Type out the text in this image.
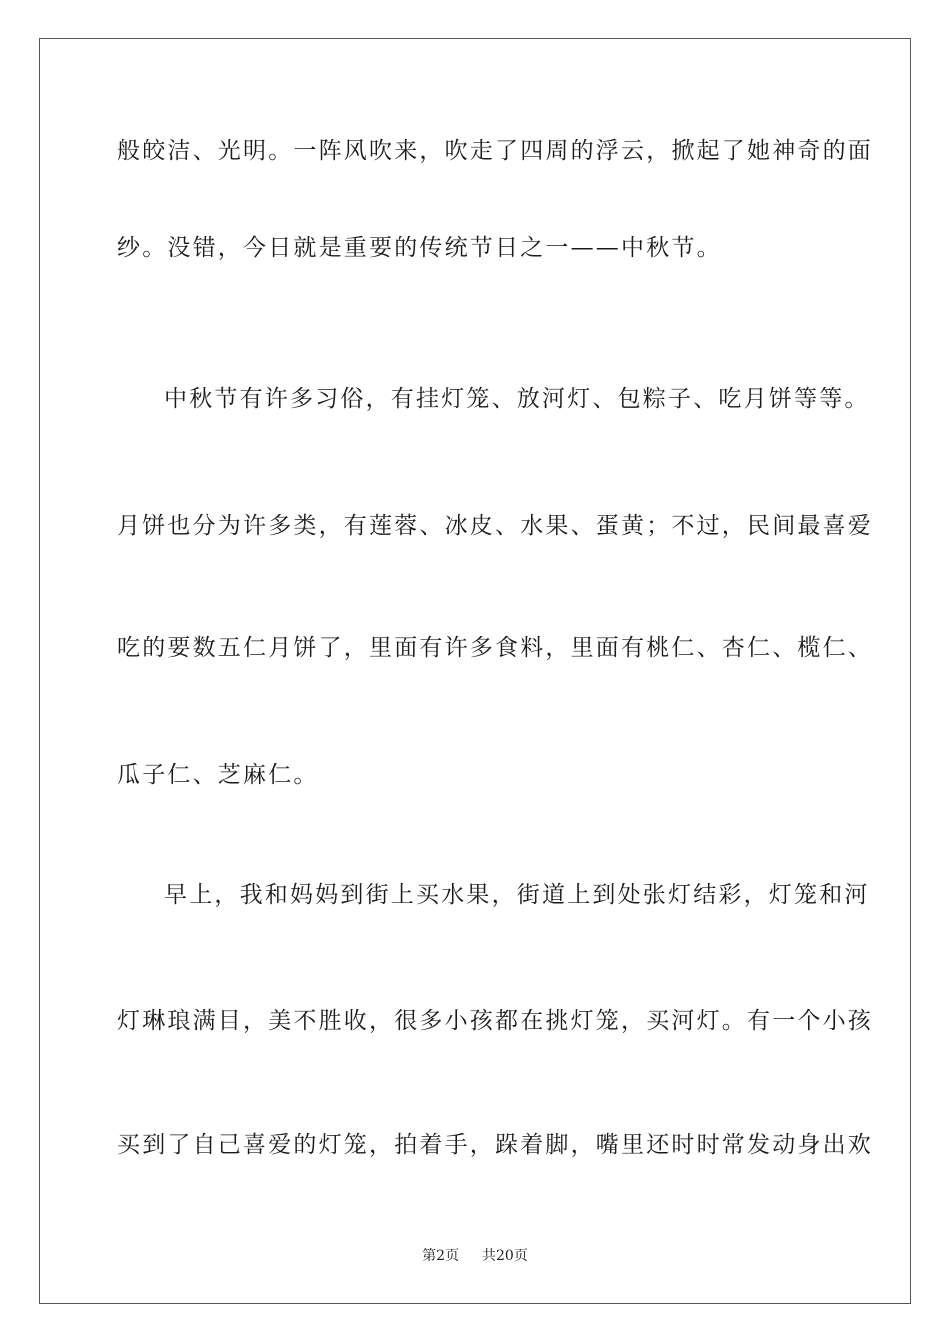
般皎洁、光明。一阵风吹来，吹走了四周的浮云，掀起了她神奇的面

纱。没错，今日就是重要的传统节日之一——中秋节。

中秋节有许多习俗，有挂灯笼、放河灯、包粽子、吃月饼等等。

月饼也分为许多类，有莲蓉、冰皮、水果、蛋黄；不过，民间最喜爱

吃的要数五仁月饼了，里面有许多食料，里面有桃仁、杏仁、榄仁、

瓜子仁、芝麻仁。

早上，我和妈妈到街上买水果，街道上到处张灯结彩，灯笼和河

灯琳琅满目，美不胜收，很多小孩都在挑灯笼，买河灯。有一个小孩

买到了自己喜爱的灯笼，拍着手，跺着脚，嘴里还时时常发动身出欢

第2页 共20页
